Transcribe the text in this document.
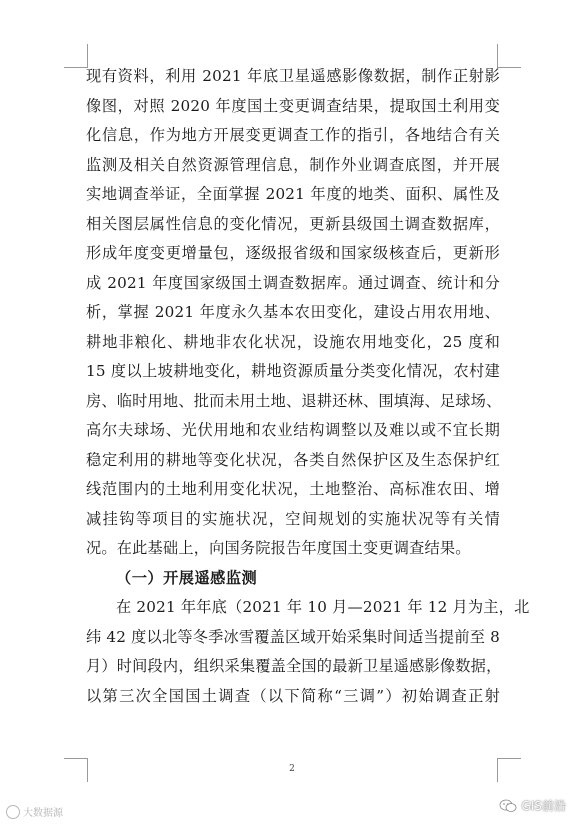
现有资料，利用 2021 年底卫星遥感影像数据，制作正射影
像图，对照 2020 年度国土变更调查结果，提取国土利用变
化信息，作为地方开展变更调查工作的指引，各地结合有关
监测及相关自然资源管理信息，制作外业调查底图，并开展
实地调查举证，全面掌握 2021 年度的地类、面积、属性及
相关图层属性信息的变化情况，更新县级国土调查数据库，
形成年度变更增量包，逐级报省级和国家级核查后，更新形
成 2021 年度国家级国土调查数据库。通过调查、统计和分
析，掌握 2021 年度永久基本农田变化，建设占用农用地、
耕地非粮化、耕地非农化状况，设施农用地变化，25 度和
15 度以上坡耕地变化，耕地资源质量分类变化情况，农村建
房、临时用地、批而未用土地、退耕还林、围填海、足球场、
高尔夫球场、光伏用地和农业结构调整以及难以或不宜长期
稳定利用的耕地等变化状况，各类自然保护区及生态保护红
线范围内的土地利用变化状况，土地整治、高标准农田、增
减挂钩等项目的实施状况，空间规划的实施状况等有关情
况。在此基础上，向国务院报告年度国土变更调查结果。
（一）开展遥感监测
在 2021 年年底（2021 年 10 月—2021 年 12 月为主，北
纬 42 度以北等冬季冰雪覆盖区域开始采集时间适当提前至 8
月）时间段内，组织采集覆盖全国的最新卫星遥感影像数据，
以第三次全国国土调查（以下简称“三调”）初始调查正射
2
大数据源
GIS前沿
